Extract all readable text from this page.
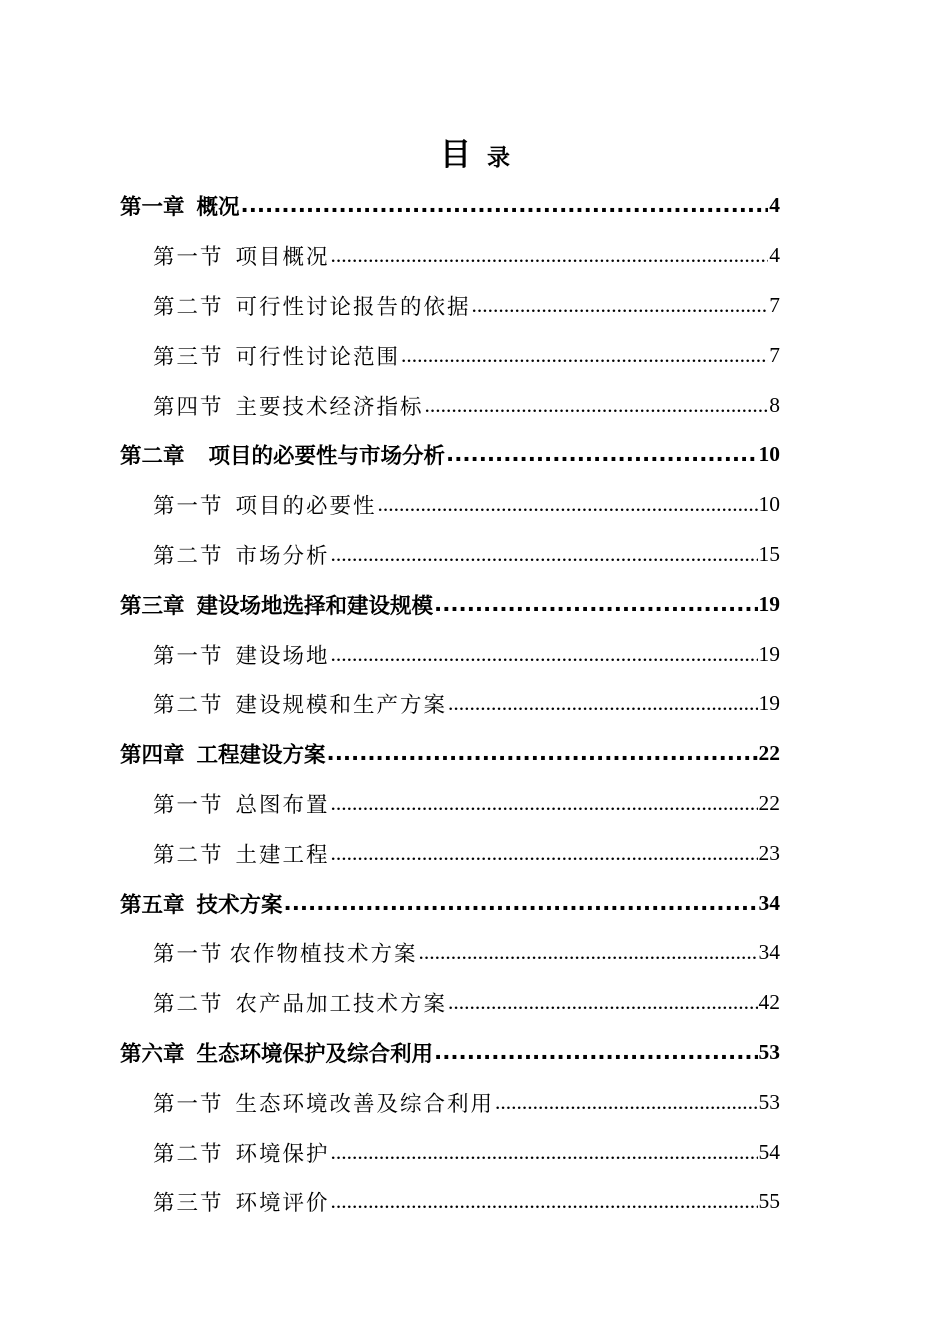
目 录
第一章 概况 .....	4
第一节 项目概况 .....	4
第二节 可行性讨论报告的依据 .....	7
第三节 可行性讨论范围 .....	7
第四节 主要技术经济指标 .....	8
第二章 项目的必要性与市场分析 .....	10
第一节 项目的必要性 .....	10
第二节 市场分析 .....	15
第三章 建设场地选择和建设规模 .....	19
第一节 建设场地 .....	19
第二节 建设规模和生产方案 .....	19
第四章 工程建设方案 .....	22
第一节 总图布置 .....	22
第二节 土建工程 .....	23
第五章 技术方案 .....	34
第一节 农作物植技术方案 .....	34
第二节 农产品加工技术方案 .....	42
第六章 生态环境保护及综合利用 .....	53
第一节 生态环境改善及综合利用 .....	53
第二节 环境保护 .....	54
第三节 环境评价 .....	55
